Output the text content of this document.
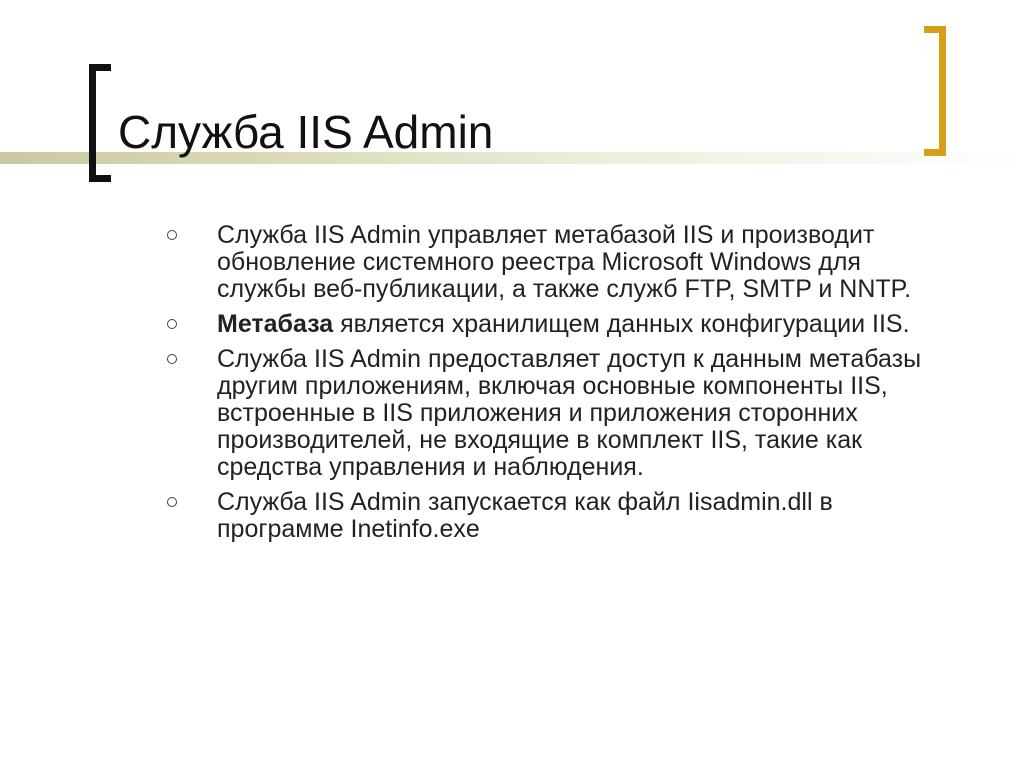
Служба IIS Admin
Служба IIS Admin управляет метабазой IIS и производит обновление системного реестра Microsoft Windows для службы веб-публикации, а также служб FTP, SMTP и NNTP.
Метабаза является хранилищем данных конфигурации IIS.
Служба IIS Admin предоставляет доступ к данным метабазы другим приложениям, включая основные компоненты IIS, встроенные в IIS приложения и приложения сторонних производителей, не входящие в комплект IIS, такие как средства управления и наблюдения.
Служба IIS Admin запускается как файл Iisadmin.dll в программе Inetinfo.exe
